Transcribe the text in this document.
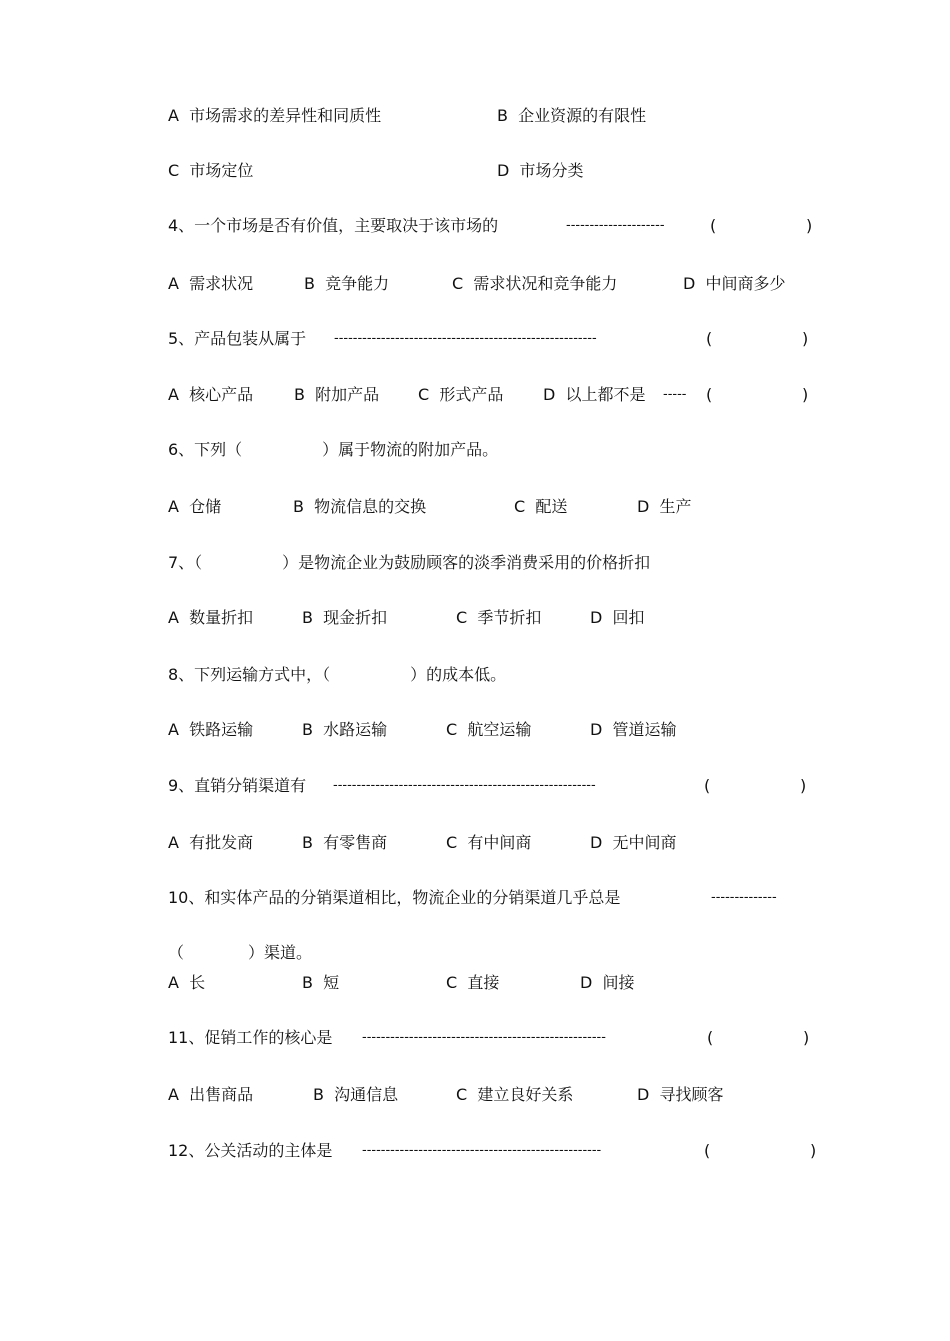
A  市场需求的差异性和同质性	B  企业资源的有限性
C  市场定位	D  市场分类
4、一个市场是否有价值，主要取决于该市场的	---------------------	(	)
A  需求状况	B  竞争能力	C  需求状况和竞争能力	D  中间商多少
5、产品包装从属于 --------------------------------------------------------	(	)
A  核心产品	B  附加产品 C  形式产品 D  以上都不是 ----- (	)
6、下列（　　　　　）属于物流的附加产品。
A  仓储	B  物流信息的交换	C  配送	D  生产
7、（　　　　　）是物流企业为鼓励顾客的淡季消费采用的价格折扣
A  数量折扣	B  现金折扣	C  季节折扣	D  回扣
8、下列运输方式中，（　　　　　）的成本低。
A  铁路运输	B  水路运输	C  航空运输	D  管道运输
9、直销分销渠道有 --------------------------------------------------------	(	)
A  有批发商	B  有零售商	C  有中间商	D  无中间商
10、和实体产品的分销渠道相比，物流企业的分销渠道几乎总是	--------------
（　　　　）渠道。
A  长	B  短	C  直接	D  间接
11、促销工作的核心是 ----------------------------------------------------	(	)
A  出售商品	B  沟通信息	C  建立良好关系	D  寻找顾客
12、公关活动的主体是 ---------------------------------------------------	(	)
